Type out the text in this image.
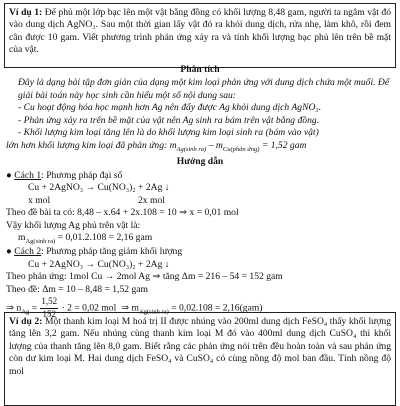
Ví dụ 1: Để phủ một lớp bạc lên một vật bằng đồng có khối lượng 8,48 gam, người ta ngâm vật đó vào dung dịch AgNO₃. Sau một thời gian lấy vật đó ra khỏi dung dịch, rửa nhẹ, làm khô, rồi đem cân được 10 gam. Viết phương trình phản ứng xảy ra và tính khối lượng bạc phủ lên trên bề mặt của vật.
Phân tích

Đây là dạng bài tập đơn giản của dạng một kim loại phản ứng với dung dịch chứa một muối. Để giải bài toán này học sinh cần hiểu một số nội dung sau:

- Cu hoạt động hóa học mạnh hơn Ag nên đẩy được Ag khỏi dung dịch AgNO₃.

- Phản ứng xảy ra trên bề mặt của vật nên Ag sinh ra bám trên vật bằng đồng.

- Khối lượng kim loại tăng lên là do khối lượng kim loại sinh ra (bám vào vật)

lớn hơn khối lượng kim loại đã phản ứng: $m_{Ag(sinh ra)} - m_{Cu(phản ứng)} = 1,52$ gam

Hướng dẫn

● Cách 1: Phương pháp đại số

Cu + 2AgNO₃ → Cu(NO₃)₂ + 2Ag ↓

x mol	2x mol

Theo đề bài ta có: 8,48 – x.64 + 2x.108 = 10 ⇒ x = 0,01 mol

Vậy khối lượng Ag phủ trên vật là:

$m_{Ag(sinh ra)} = 0,01.2.108 = 2,16$ gam

● Cách 2: Phương pháp tăng giảm khối lượng

Cu + 2AgNO₃ → Cu(NO₃)₂ + 2Ag ↓

Theo phản ứng: 1mol Cu → 2mol Ag ⇒ tăng Δm = 216 – 54 = 152 gam

Theo đề: Δm = 10 – 8,48 = 1,52 gam

⇒ $n_{Ag} = \frac{1,52}{152} \cdot 2 = 0,02$ mol  ⇒ $m_{Ag(sinh ra)} = 0,02.108 = 2,16(gam)$

Ví dụ 2: Một thanh kim loại M hoá trị II được nhúng vào 200ml dung dịch FeSO₄ thấy khối lượng tăng lên 3,2 gam. Nếu nhúng cùng thanh kim loại M đó vào 400ml dung dịch CuSO₄ thì khối lượng của thanh tăng lên 8,0 gam. Biết rằng các phản ứng nói trên đều hoàn toàn và sau phản ứng còn dư kim loại M. Hai dung dịch FeSO₄ và CuSO₄ có cùng nồng độ mol ban đầu. Tính nồng độ mol
